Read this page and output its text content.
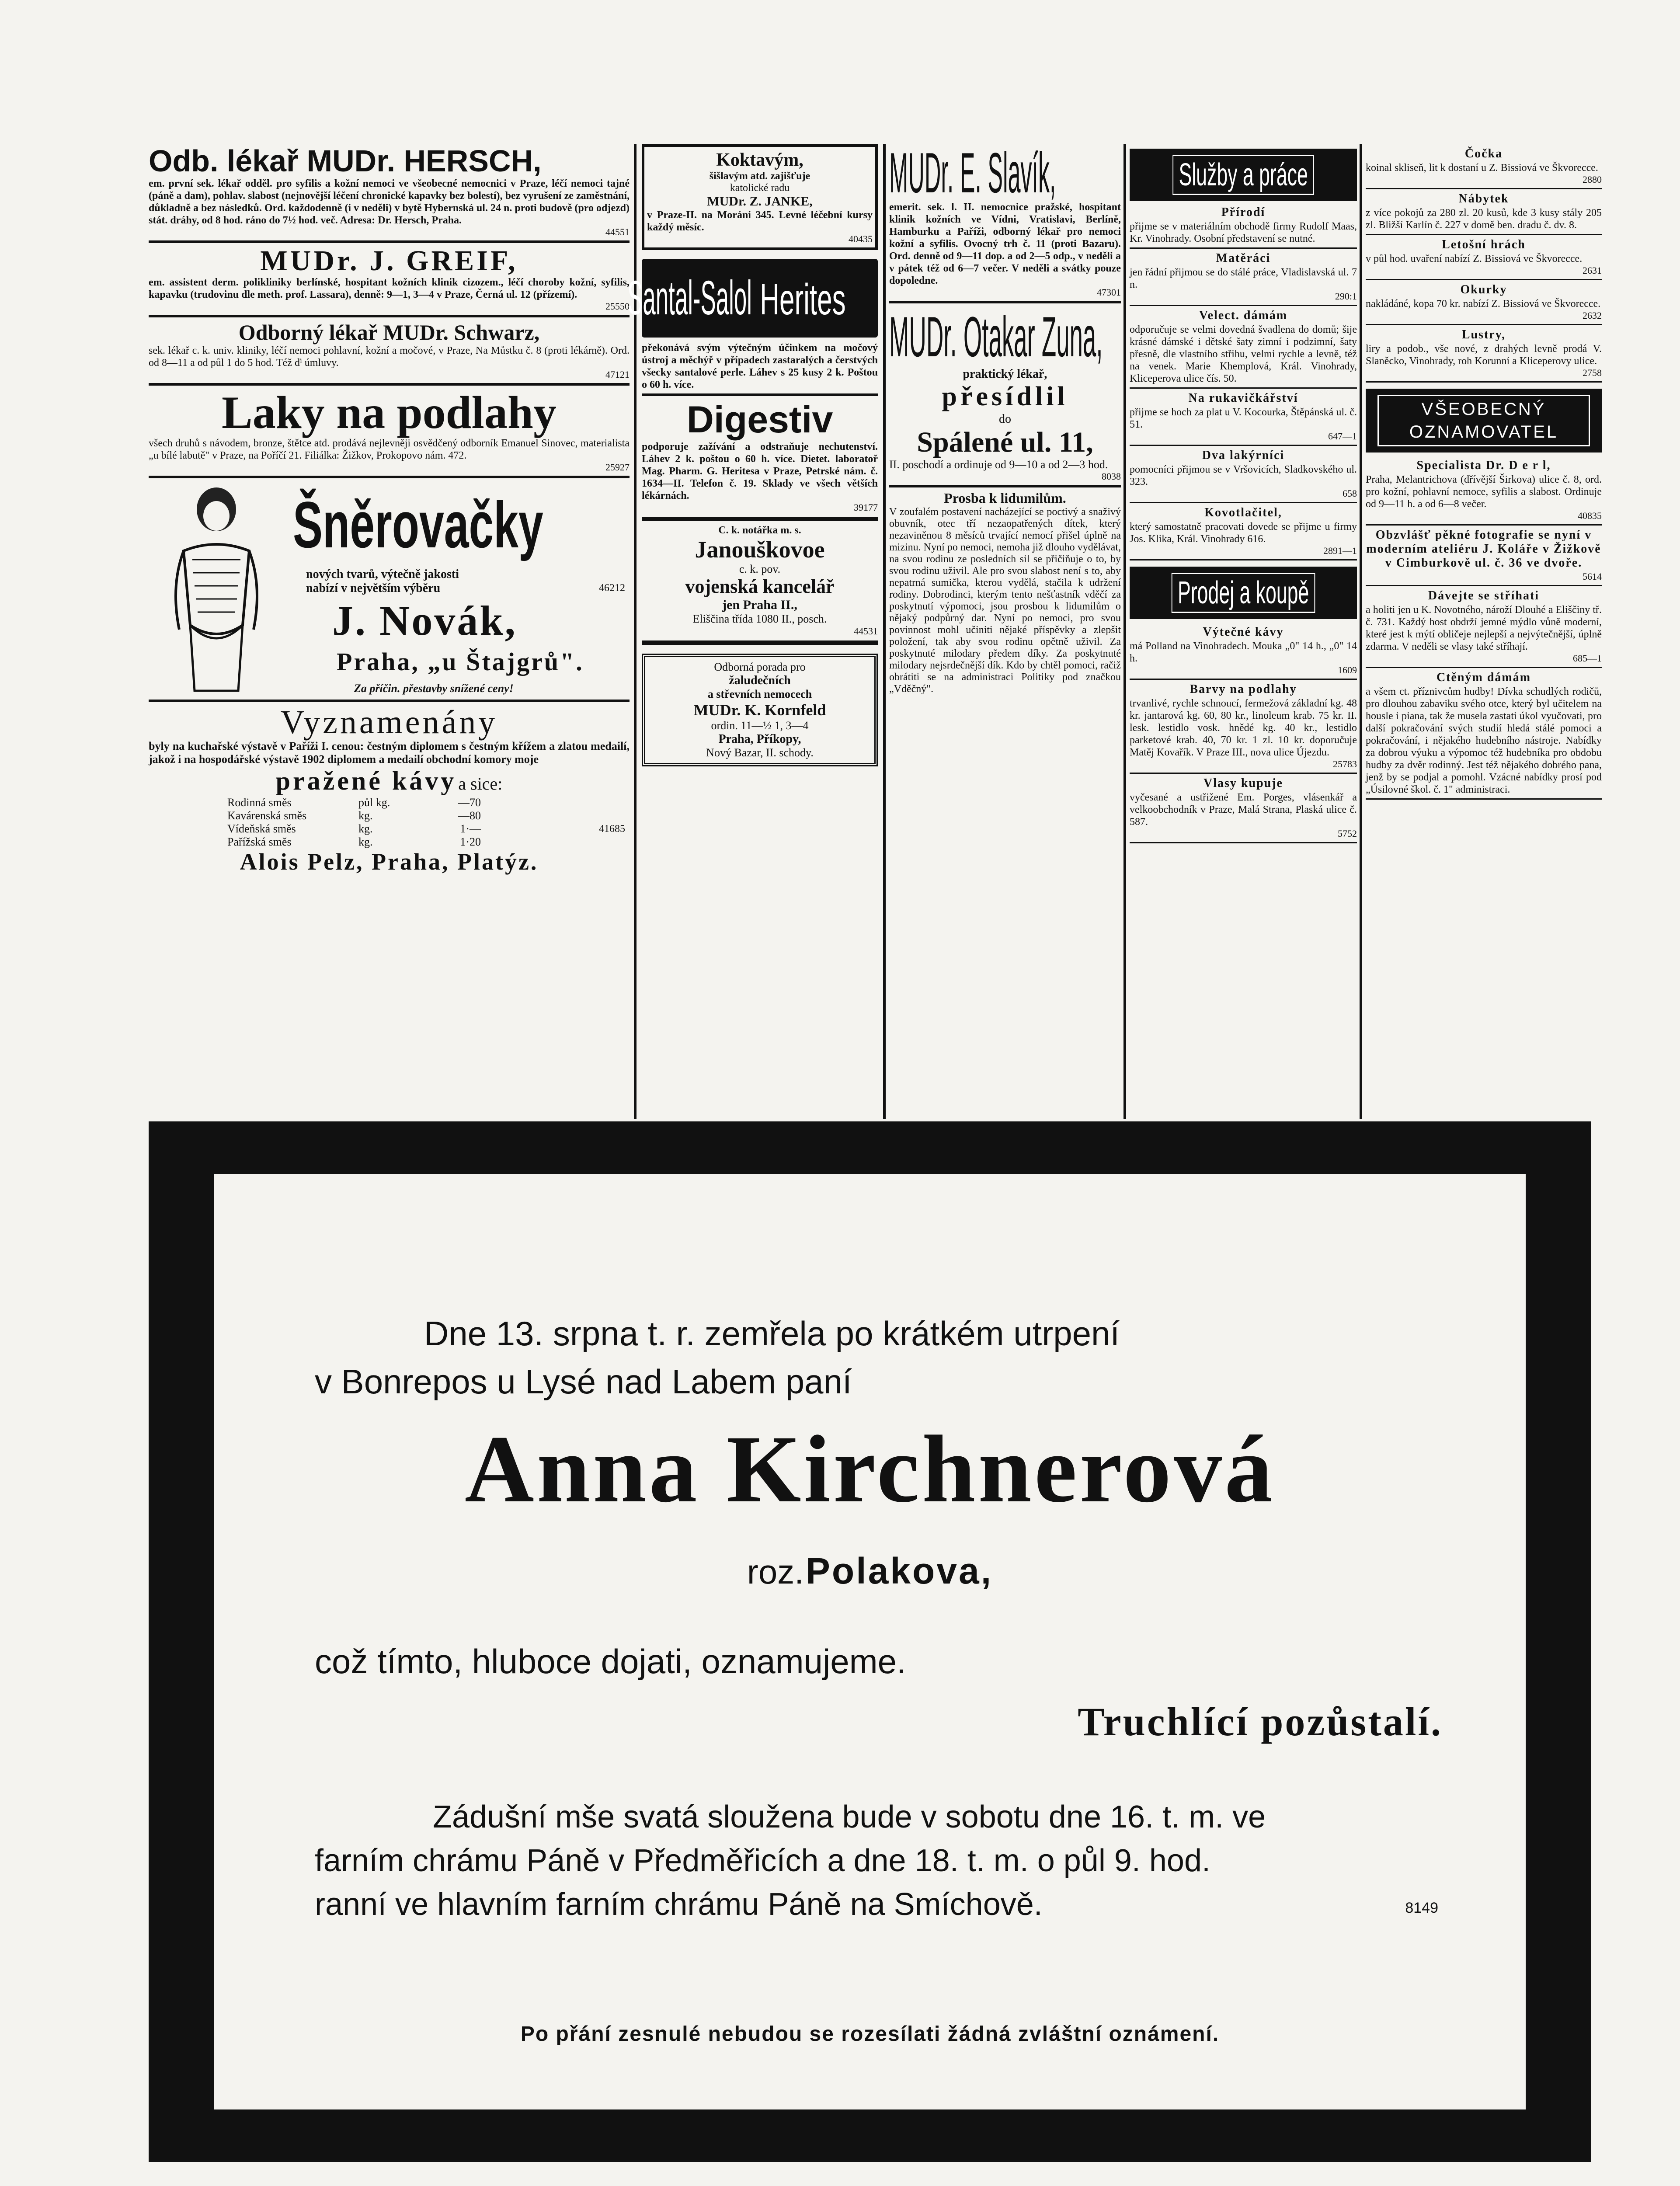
Odb. lékař MUDr. HERSCH,

em. první sek. lékař odděl. pro syfilis a kožní nemoci ve všeobecné nemocnici v Praze, léčí nemoci tajné (páně a dam), pohlav. slabost (nejnovější léčení chronické kapavky bez bolestí), bez vyrušení ze zaměstnání, důkladně a bez následků. Ord. každodenně (i v neděli) v bytě Hybernská ul. 24 n. proti budově (pro odjezd) stát. dráhy, od 8 hod. ráno do 7½ hod. več. Adresa: Dr. Hersch, Praha.

44551
MUDr. J. GREIF,

em. assistent derm. polikliniky berlínské, hospitant kožních klinik cizozem., léčí choroby kožní, syfilis, kapavku (trudovinu dle meth. prof. Lassara), denně: 9—1, 3—4 v Praze, Černá ul. 12 (přízemí).

25550
Odborný lékař MUDr. Schwarz,

sek. lékař c. k. univ. kliniky, léčí nemoci pohlavní, kožní a močové, v Praze, Na Můstku č. 8 (proti lékárně). Ord. od 8—11 a od půl 1 do 5 hod. Též dⁱ úmluvy.

47121
Laky na podlahy

všech druhů s návodem, bronze, štětce atd. prodává nejlevněji osvědčený odborník Emanuel Sinovec, materialista „u bílé labutě" v Praze, na Poříčí 21. Filiálka: Žižkov, Prokopovo nám. 472.

25927
Šněrovačky
nových tvarů, výtečně jakosti
nabízí v největším výběru	46212
J. Novák,
Praha, „u Štajgrů".
Za příčin. přestavby snížené ceny!
Vyznamenány

byly na kuchařské výstavě v Paříži I. cenou: čestným diplomem s čestným křížem a zlatou medailí, jakož i na hospodářské výstavě 1902 diplomem a medailí obchodní komory moje

pražené kávy a sice:
Rodinná směs	půl kg.	—70
Kavárenská směs	kg.	—80
Vídeňská směs	kg.	1·—
Pařížská směs	kg.	1·20
41685
Alois Pelz, Praha, Platýz.
Koktavým,
šišlavým atd. zajišťuje
katolické radu
MUDr. Z. JANKE,

v Praze-II. na Moráni 345. Levné léčební kursy každý měsíc.

40435
Santal-Salol Herites

překonává svým výtečným účinkem na močový ústroj a měchýř v případech zastaralých a čerstvých všecky santalové perle. Láhev s 25 kusy 2 k. Poštou o 60 h. více.

Digestiv

podporuje zažívání a odstraňuje nechutenství. Láhev 2 k. poštou o 60 h. více. Dietet. laboratoř Mag. Pharm. G. Heritesa v Praze, Petrské nám. č. 1634—II. Telefon č. 19. Sklady ve všech větších lékárnách.

39177
C. k. notářka m. s.
Janouškovoe
c. k. pov.
vojenská kancelář
jen Praha II.,
Eliščina třída 1080 II., posch.
44531
Odborná porada pro
žaludečních
a střevních nemocech
MUDr. K. Kornfeld
ordin. 11—½ 1, 3—4
Praha, Příkopy,
Nový Bazar, II. schody.
MUDr. E. Slavík,

emerit. sek. l. II. nemocnice pražské, hospitant klinik kožních ve Vídni, Vratislavi, Berlíně, Hamburku a Paříži, odborný lékař pro nemoci kožní a syfilis. Ovocný trh č. 11 (proti Bazaru). Ord. denně od 9—11 dop. a od 2—5 odp., v neděli a v pátek též od 6—7 večer. V neděli a svátky pouze dopoledne.

47301
MUDr. Otakar Zuna,
praktický lékař,
přesídlil
do
Spálené ul. 11,

II. poschodí a ordinuje od 9—10 a od 2—3 hod.

8038
Prosba k lidumilům.

V zoufalém postavení nacházející se poctivý a snaživý obuvník, otec tří nezaopatřených dítek, který nezaviněnou 8 měsíců trvající nemocí přišel úplně na mizinu. Nyní po nemoci, nemoha již dlouho vydělávat, na svou rodinu ze posledních sil se přičiňuje o to, by svou rodinu uživil. Ale pro svou slabost není s to, aby nepatrná sumička, kterou vydělá, stačila k udržení rodiny. Dobrodinci, kterým tento nešťastník vděčí za poskytnutí výpomoci, jsou prosbou k lidumilům o nějaký podpůrný dar. Nyní po nemoci, pro svou povinnost mohl učiniti nějaké příspěvky a zlepšit položení, tak aby svou rodinu opětně uživil. Za poskytnuté milodary předem díky. Za poskytnuté milodary nejsrdečnější dík. Kdo by chtěl pomoci, račiž obrátiti se na administraci Politiky pod značkou „Vděčný".

Služby a práce
Přírodí

přijme se v materiálním obchodě firmy Rudolf Maas, Kr. Vinohrady. Osobní představení se nutné.

Matěráci

jen řádní přijmou se do stálé práce, Vladislavská ul. 7 n.

290:1
Velect. dámám

odporučuje se velmi dovedná švadlena do domů; šije krásné dámské i dětské šaty zimní i podzimní, šaty přesně, dle vlastního střihu, velmi rychle a levně, též na venek. Marie Khemplová, Král. Vinohrady, Kliceperova ulice čís. 50.

Na rukavičkářství

přijme se hoch za plat u V. Kocourka, Štěpánská ul. č. 51.

647—1
Dva lakýrníci

pomocníci přijmou se v Vršovicích, Sladkovského ul. 323.

658
Kovotlačitel,

který samostatně pracovati dovede se přijme u firmy Jos. Klika, Král. Vinohrady 616.

2891—1
Prodej a koupě
Výtečné kávy

má Polland na Vinohradech. Mouka „0" 14 h., „0" 14 h.

1609
Barvy na podlahy

trvanlivé, rychle schnoucí, fermežová základní kg. 48 kr. jantarová kg. 60, 80 kr., linoleum krab. 75 kr. II. lesk. lestidlo vosk. hnědé kg. 40 kr., lestidlo parketové krab. 40, 70 kr. 1 zl. 10 kr. doporučuje Matěj Kovařík. V Praze III., nova ulice Újezdu.

25783
Vlasy kupuje

vyčesané a ustřižené Em. Porges, vlásenkář a velkoobchodník v Praze, Malá Strana, Plaská ulice č. 587.

5752
Čočka

koinal skliseň, lit k dostaní u Z. Bissiová ve Škvorecce.

2880
Nábytek

z více pokojů za 280 zl. 20 kusů, kde 3 kusy stály 205 zl. Bližší Karlín č. 227 v domě ben. dradu č. dv. 8.

Letošní hrách

v půl hod. uvaření nabízí Z. Bissiová ve Škvorecce.

2631
Okurky

nakládáné, kopa 70 kr. nabízí Z. Bissiová ve Škvorecce.

2632
Lustry,

liry a podob., vše nové, z drahých levně prodá V. Slaněcko, Vinohrady, roh Korunní a Kliceperovy ulice.

2758
VŠEOBECNÝ OZNAMOVATEL
Specialista Dr. D e r l,

Praha, Melantrichova (dřívější Širkova) ulice č. 8, ord. pro kožní, pohlavní nemoce, syfilis a slabost. Ordinuje od 9—11 h. a od 6—8 večer.

40835
Obzvlášť pěkné fotografie se nyní v moderním ateliéru J. Koláře v Žižkově v Cimburkově ul. č. 36 ve dvoře.

5614
Dávejte se stříhati

a holiti jen u K. Novotného, nároží Dlouhé a Eliščiny tř. č. 731. Každý host obdrží jemné mýdlo vůně moderní, které jest k mýtí obličeje nejlepší a nejvýtečnější, úplně zdarma. V neděli se vlasy také stříhají.

685—1
Ctěným dámám

a všem ct. příznivcům hudby! Dívka schudlých rodičů, pro dlouhou zabaviku svého otce, který byl učitelem na housle i piana, tak že musela zastati úkol vyučovati, pro další pokračování svých studií hledá stálé pomoci a pokračování, i nějakého hudebního nástroje. Nabídky za dobrou výuku a výpomoc též hudebníka pro obdobu hudby za dvěr rodinný. Jest též nějakého dobrého pana, jenž by se podjal a pomohl. Vzácné nabídky prosí pod „Úsilovné škol. č. 1" administraci.

Dne 13. srpna t. r. zemřela po krátkém utrpení
v Bonrepos u Lysé nad Labem paní
Anna Kirchnerová
roz. Polakova,
což tímto, hluboce dojati, oznamujeme.
Truchlící pozůstalí.
Zádušní mše svatá sloužena bude v sobotu dne 16. t. m. ve
farním chrámu Páně v Předměřicích a dne 18. t. m. o půl 9. hod.
ranní ve hlavním farním chrámu Páně na Smíchově.	8149
Po přání zesnulé nebudou se rozesílati žádná zvláštní oznámení.
